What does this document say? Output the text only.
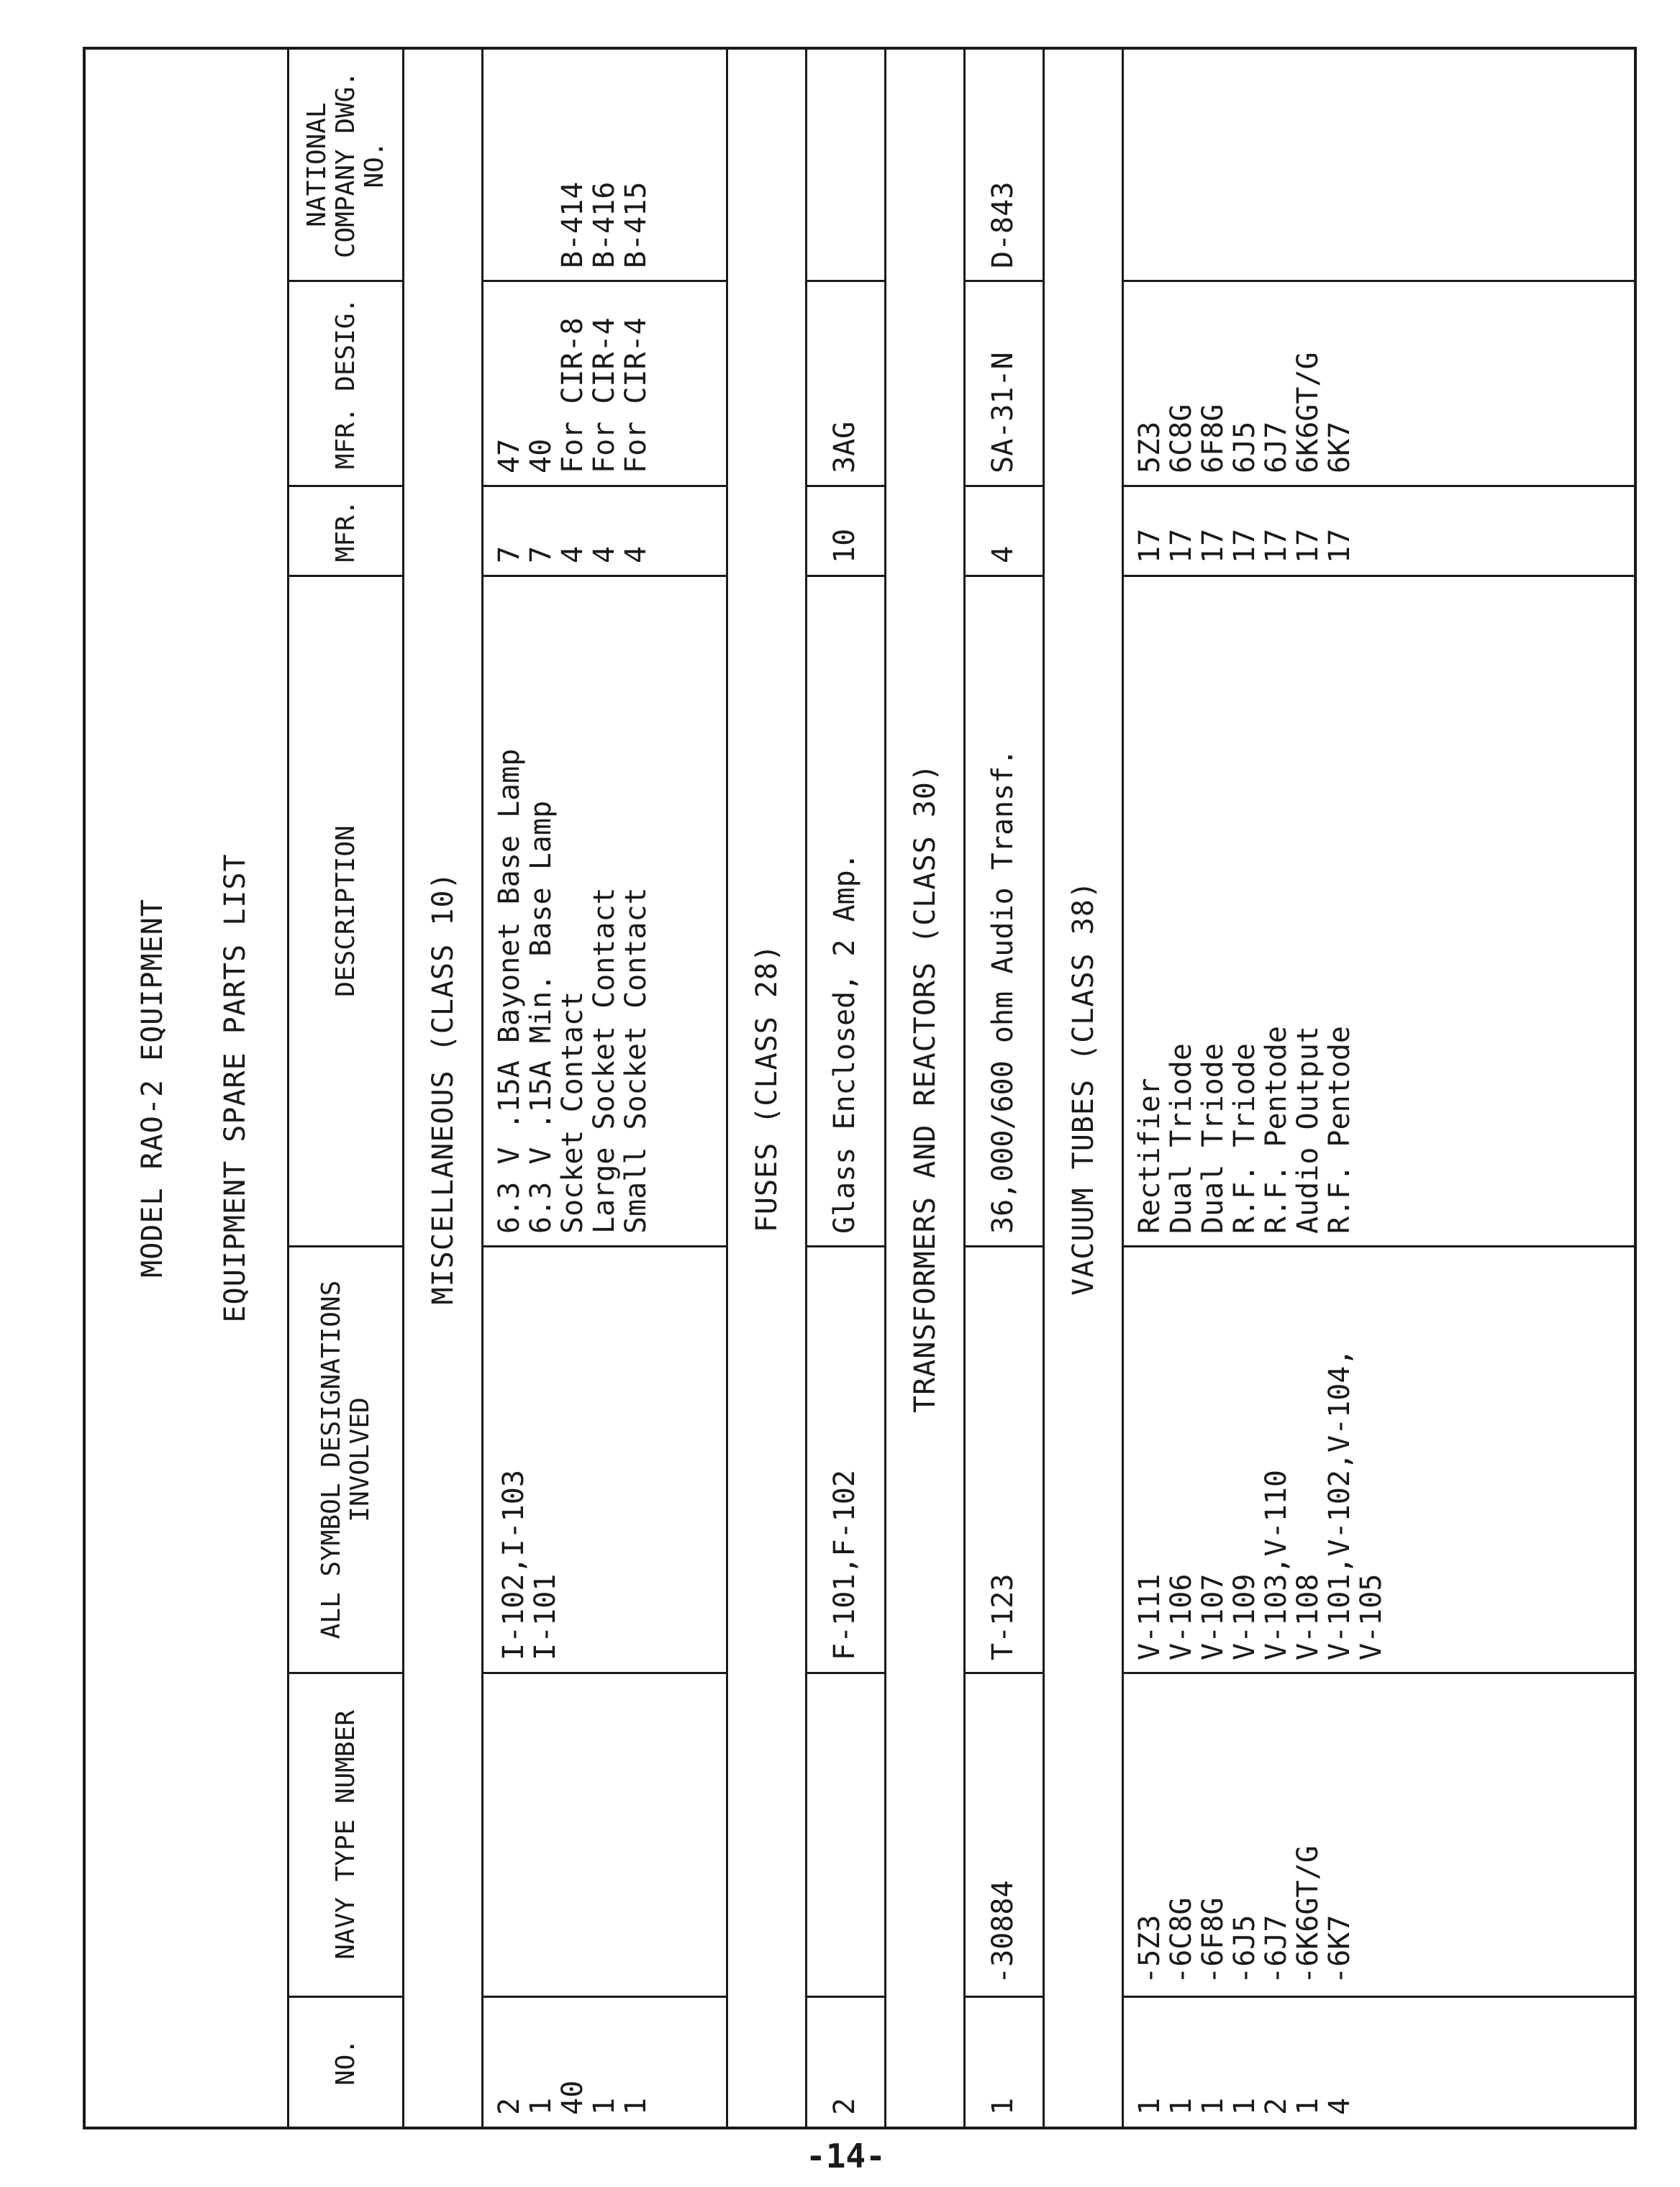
MODEL RAO-2 EQUIPMENT EQUIPMENT SPARE PARTS LIST
NO.
NAVY TYPE NUMBER
ALL SYMBOL DESIGNATIONS INVOLVED
DESCRIPTION
MFR.
MFR. DESIG.
NATIONAL COMPANY DWG. NO.
MISCELLANEOUS (CLASS 10)
2
1
40
1
1
I-102,I-103
I-101
6.3 V .15A Bayonet Base Lamp
6.3 V .15A Min. Base Lamp
Socket Contact
Large Socket Contact
Small Socket Contact
7
7
4
4
4
47
40
For CIR-8
For CIR-4
For CIR-4

B-414
B-416
B-415
FUSES (CLASS 28)
2
F-101,F-102
Glass Enclosed, 2 Amp.
10
3AG
TRANSFORMERS AND REACTORS (CLASS 30)
1
-30884
T-123
36,000/600 ohm Audio Transf.
4
SA-31-N
D-843
VACUUM TUBES (CLASS 38)
1
1
1
1
2
1
4
-5Z3
-6C8G
-6F8G
-6J5
-6J7
-6K6GT/G
-6K7
V-111
V-106
V-107
V-109
V-103,V-110
V-108
V-101,V-102,V-104,
V-105
Rectifier
Dual Triode
Dual Triode
R.F. Triode
R.F. Pentode
Audio Output
R.F. Pentode
17
17
17
17
17
17
17
5Z3
6C8G
6F8G
6J5
6J7
6K6GT/G
6K7
-14-
